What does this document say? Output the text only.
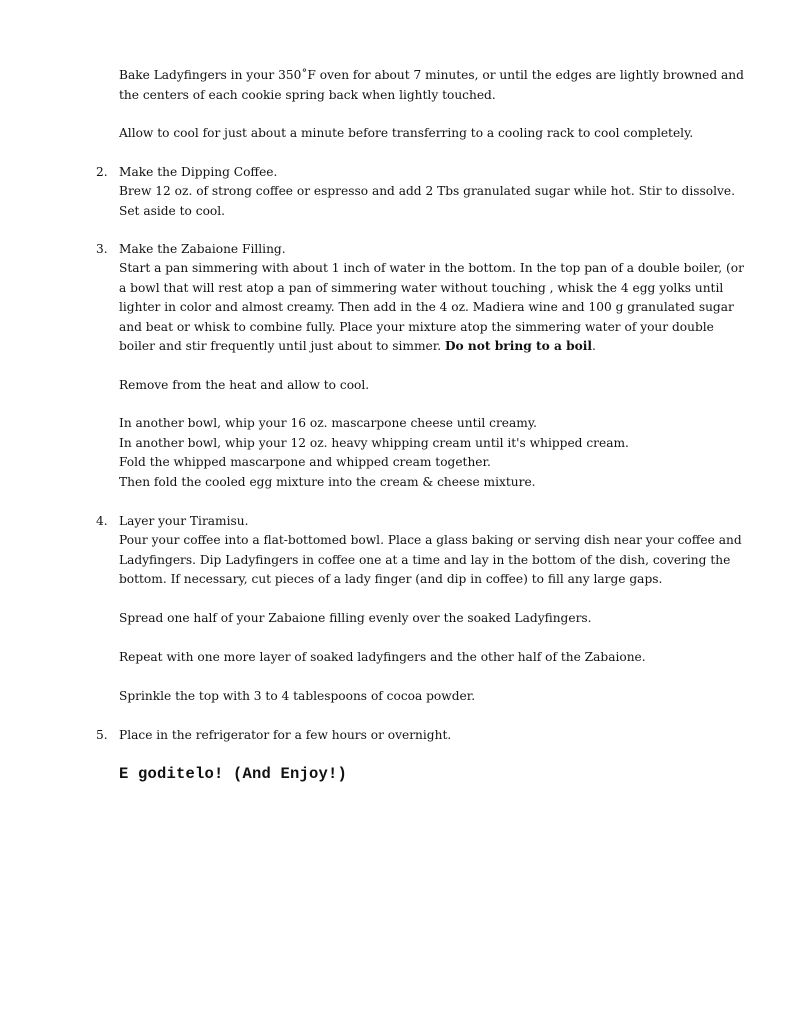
Bake Ladyfingers in your 350˚F oven for about 7 minutes, or until the edges are lightly browned and the centers of each cookie spring back when lightly touched.
Allow to cool for just about a minute before transferring to a cooling rack to cool completely.
2. Make the Dipping Coffee.
Brew 12 oz. of strong coffee or espresso and add 2 Tbs granulated sugar while hot. Stir to dissolve. Set aside to cool.
3. Make the Zabaione Filling.
Start a pan simmering with about 1 inch of water in the bottom. In the top pan of a double boiler, (or a bowl that will rest atop a pan of simmering water without touching , whisk the 4 egg yolks until lighter in color and almost creamy. Then add in the 4 oz. Madiera wine and 100 g granulated sugar and beat or whisk to combine fully. Place your mixture atop the simmering water of your double boiler and stir frequently until just about to simmer. Do not bring to a boil.
Remove from the heat and allow to cool.
In another bowl, whip your 16 oz. mascarpone cheese until creamy.
In another bowl, whip your 12 oz. heavy whipping cream until it's whipped cream.
Fold the whipped mascarpone and whipped cream together.
Then fold the cooled egg mixture into the cream & cheese mixture.
4. Layer your Tiramisu.
Pour your coffee into a flat-bottomed bowl. Place a glass baking or serving dish near your coffee and Ladyfingers. Dip Ladyfingers in coffee one at a time and lay in the bottom of the dish, covering the bottom. If necessary, cut pieces of a lady finger (and dip in coffee) to fill any large gaps.
Spread one half of your Zabaione filling evenly over the soaked Ladyfingers.
Repeat with one more layer of soaked ladyfingers and the other half of the Zabaione.
Sprinkle the top with 3 to 4 tablespoons of cocoa powder.
5. Place in the refrigerator for a few hours or overnight.
E goditelo! (And Enjoy!)
